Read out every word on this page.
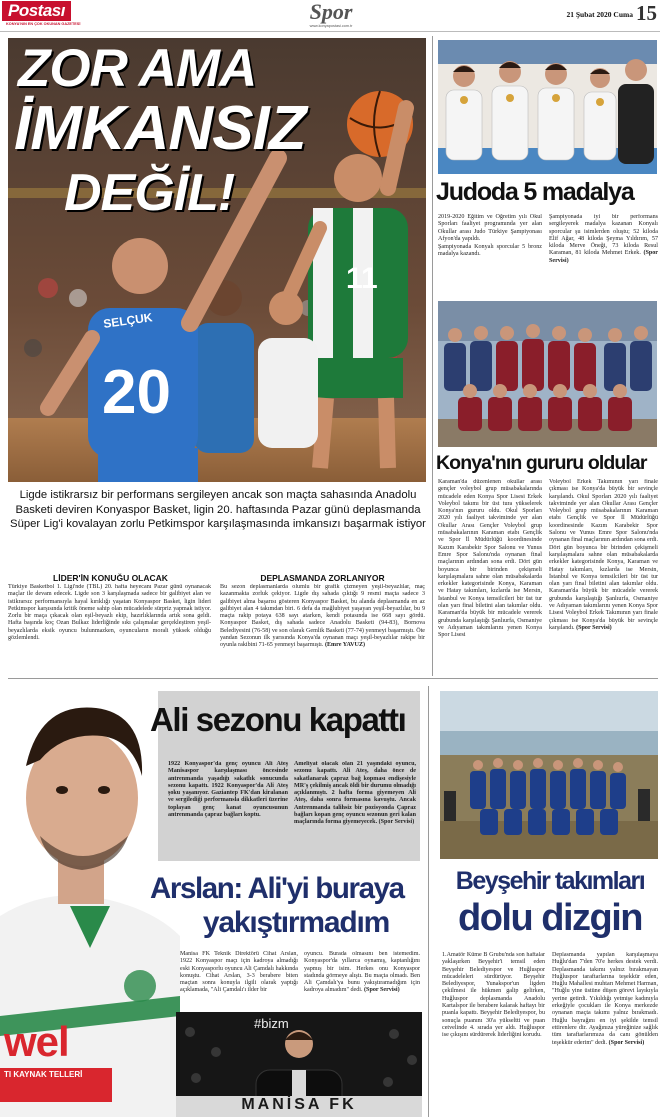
Postası
KONYA'NIN EN ÇOK OKUNAN GAZETESİ	Spor
www.konyapostasi.com.tr
21 Şubat 2020 Cuma 15
20
SELÇUK
11
ZOR AMA
İMKANSIZ
DEĞİL!
Ligde istikrarsız bir performans sergileyen ancak son maçta sahasında Anadolu Basketi deviren Konyaspor Basket, ligin 20. haftasında Pazar günü deplasmanda Süper Lig'i kovalayan zorlu Petkimspor karşılaşmasında imkansızı başarmak istiyor
LİDER'İN KONUĞU OLACAK

Türkiye Basketbol 1. Ligi'nde (TBL) 20. hafta heyecanı Pazar günü oynanacak maçlar ile devam edecek. Ligde son 3 karşılaşmada sadece bir galibiyet alan ve istikrarsız performansıyla hayal kırıklığı yaşatan Konyaspor Basket, ligin lideri Petkimspor karşısında kritik öneme sahip olan mücadelede sürpriz yapmak istiyor. Zorlu bir maça çıkacak olan eşil-beyazlı ekip, hazırlıklarında artık sona geldi. Hafta başında koç Ozan Bulkaz liderliğinde sıkı çalışmalar gerçekleştiren yeşil-beyazlılarda eksik oyuncu bulunmazken, oyuncuların morali yüksek olduğu gözlemlendi.

DEPLASMANDA ZORLANIYOR
Bu sezon deplasmanlarda olumlu bir grafik çizmeyen yeşil-beyazlılar, maç kazanmakta zorluk çekiyor. Ligde dış sahada çıktığı 9 resmi maçta sadece 3 galibiyet alma başarısı gösteren Konyaspor Basket, bu alanda deplasmanda en az galibiyet alan 4 takımdan biri. 6 defa da mağlubiyet yaşayan yeşil-beyazlılar, bu 9 maçta rakip potaya 638 sayı atarken, kendi potasında ise 668 sayı gördü. Konyaspor Basket, dış sahada sadece Anadolu Basketi (94-83), Bornova Belediyesini (76-58) ve son olarak Gemlik Basketi (77-74) yenmeyi başarmıştı. Öte yandan Sezonun ilk yarısında Konya'da oynanan maçı yeşil-beyazlılar rakipe bir oyunla rakibini 71-65 yenmeyi başarmıştı. (Emre YAVUZ)
Judoda 5 madalya

2019-2020 Eğitim ve Öğretim yılı Okul Sporları faaliyet programında yer alan Okullar arası Judo Türkiye Şampiyonası Afyon'da yapıldı.

Şampiyonada Konyalı sporcular 5 bronz madalya kazandı.

Şampiyonada iyi bir performans sergileyerek madalya kazanan Konyalı sporcular şu isimlerden oluştu; 52 kiloda Elif Ağar, 48 kiloda Şeyma Yıldırım, 57 kiloda Merve Öneği, 73 kiloda Resul Karaman, 81 kiloda Mehmet Erkek. (Spor Servisi)
Konya'nın gururu oldular

Karaman'da düzenlenen okullar arası gençler voleybol grup müsabakalarında mücadele eden Konya Spor Lisesi Erkek Voleybol takımı bir üst tura yükselerek Konya'nın gururu oldu. Okul Sporları 2020 yılı faaliyet takviminde yer alan Okullar Arası Gençler Voleybol grup müsabakalarının Karaman etabı Gençlik ve Spor İl Müdürlüğü koordinesinde Kazım Karabekir Spor Salonu ve Yunus Emre Spor Salonu'nda oynanan final maçlarının ardından sona erdi. Dört gün boyunca bir birinden çekişmeli karşılaşmalara sahne olan müsabakalarda erkekler kategorisinde Konya, Karaman ve Hatay takımları, kızlarda ise Mersin, İstanbul ve Konya temsilcileri bir üst tur olan yarı final biletini alan takımlar oldu. Karaman'da büyük bir mücadele vererek grubunda karşılaştığı Şanlıurfa, Osmaniye ve Adıyaman takımlarını yenen Konya Spor Lisesi

Voleybol Erkek Takımının yarı finale çıkması ise Konya'da büyük bir sevinçle karşılandı. Okul Sporları 2020 yılı faaliyet takviminde yer alan Okullar Arası Gençler Voleybol grup müsabakalarının Karaman etabı Gençlik ve Spor İl Müdürlüğü koordinesinde Kazım Karabekir Spor Salonu ve Yunus Emre Spor Salonu'nda oynanan final maçlarının ardından sona erdi. Dört gün boyunca bir birinden çekişmeli karşılaşmalara sahne olan müsabakalarda erkekler kategorisinde Konya, Karaman ve Hatay takımları, kızlarda ise Mersin, İstanbul ve Konya temsilcileri bir üst tur olan yarı final biletini alan takımlar oldu. Karaman'da büyük bir mücadele vererek grubunda karşılaştığı Şanlıurfa, Osmaniye ve Adıyaman takımlarını yenen Konya Spor Lisesi Voleybol Erkek Takımının yarı finale çıkması ise Konya'da büyük bir sevinçle karşılandı. (Spor Servisi)
wel
TI KAYNAK TELLERİ
Ali sezonu kapattı

1922 Konyaspor'da genç oyuncu Ali Ateş Manisaspor karşılaşması öncesinde antrenmanda yaşadığı sakatlık sonucunda sezonu kapattı. 1922 Konyaspor'da Ali Ateş şoku yaşanıyor. Gaziantep FK'dan kiralanan ve sergilediği performansla dikkatleri üzerine toplayan genç kanat oyuncusunun antrenmanda çapraz bağları koptu.

Ameliyat olacak olan 21 yaşındaki oyuncu, sezonu kapattı. Ali Ateş, daha önce de sakatlanarak çapraz bağ kopması endişesiyle MR'ş çekilmiş ancak öldi bir durumu olmadığı açıklanmıştı. 2 hafta forma giyemeyen Ali Ateş, daha sonra formasına kavuştu. Ancak Antrenmanda talihsiz bir pozisyonda Çapraz bağları kopan genç oyuncu sezonun geri kalan maçlarında forma giyemeyecek. (Spor Servisi)
Arslan: Ali'yi buraya
yakıştırmadım

Manisa FK Teknik Direktörü Cihat Arslan, 1922 Konyaspor maçı için kadroya almadığı eski Konyasporlu oyuncu Ali Çamdalı hakkında konuştu. Cihat Arslan, 3-3 berabere biten maçtan sonra konuyla ilgili olarak yaptığı açıklamada, "Ali Çamdalı'ı ilder bir

oyuncu. Burada olmasını ben istemedim. Konyaspor'da yıllarca oynamış, kaptanlığını yapmış bir isim. Herkes onu Konyaspor stadında görmeye alıştı. Bu maçta olmadı. Ben Ali Çamdalı'ya bunu yakıştıramadığım için kadroya almadım" dedi. (Spor Servisi)
#bizm
MANİSA FK
Beyşehir takımları
dolu dizgin

1.Amatör Küme B Grubu'nda son haftalar yaklaşırken Beyşehir'i temsil eden Beyşehir Belediyespor ve Huğluspor mücadeleleri sürdürüyor. Beyşehir Belediyespor, Yunakspor'un ligden çekilmesi ile hükmen galip gelirken, Huğluspor deplasmanda Anadolu Kartalspor ile berabere kalarak haftayı bir puanla kapattı. Beyşehir Belediyespor, bu sonuçla puanını 30'a yükseltti ve puan cetvelinde 4. sırada yer aldı. Huğluspor ise çıkışını sürdürerek liderliğini korudu.

Deplasmanda yapılan karşılaşmaya Huğlu'dan 7'den 70'e herkes destek verdi. Deplasmanda takımı yalnız bırakmayan Huğluspor taraftarlarına teşekkür eden, Huğlu Mahallesi muhtarı Mehmet Harman, "Huğlu yine üstüne düşen görevi layıkıyla yerine getirdi. Yıkıldığı yetmişe kadınıyla erkeğiyle çocukları ile Konya merkezde oynanan maçta takımı yalnız bırakmadı. Huğlu bayrağını en iyi şekilde temsil ettirenlere dir. Ayağınıza yüreğinize sağlık tüm taraftarlarımıza da canı gönülden teşekkür ederim" dedi. (Spor Servisi)
